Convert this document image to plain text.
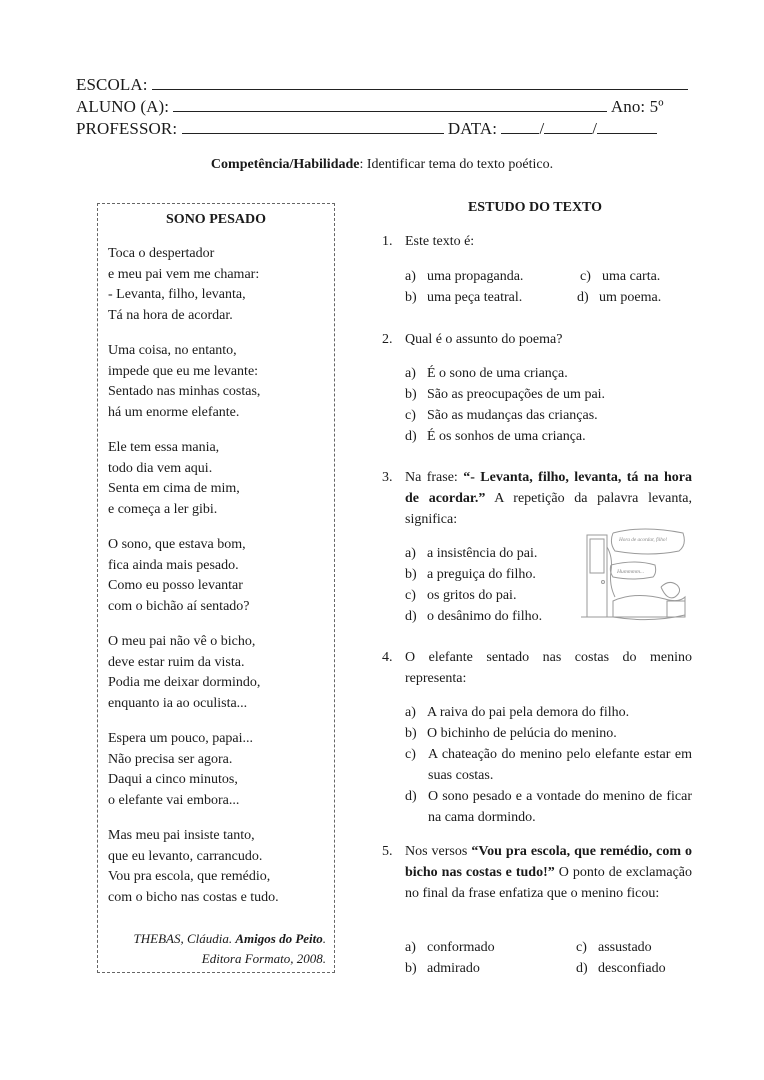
ESCOLA:
ALUNO (A):	Ano: 5º
PROFESSOR:	DATA: /	/
Competência/Habilidade: Identificar tema do texto poético.
SONO PESADO
Toca o despertador
e meu pai vem me chamar:
- Levanta, filho, levanta,
Tá na hora de acordar.
Uma coisa, no entanto,
impede que eu me levante:
Sentado nas minhas costas,
há um enorme elefante.
Ele tem essa mania,
todo dia vem aqui.
Senta em cima de mim,
e começa a ler gibi.
O sono, que estava bom,
fica ainda mais pesado.
Como eu posso levantar
com o bichão aí sentado?
O meu pai não vê o bicho,
deve estar ruim da vista.
Podia me deixar dormindo,
enquanto ia ao oculista...
Espera um pouco, papai...
Não precisa ser agora.
Daqui a cinco minutos,
o elefante vai embora...
Mas meu pai insiste tanto,
que eu levanto, carrancudo.
Vou pra escola, que remédio,
com o bicho nas costas e tudo.
THEBAS, Cláudia. Amigos do Peito.
Editora Formato, 2008.
ESTUDO DO TEXTO
1. Este texto é:
a) uma propaganda.
b) uma peça teatral.
c) uma carta.
d) um poema.
2. Qual é o assunto do poema?
a) É o sono de uma criança.
b) São as preocupações de um pai.
c) São as mudanças das crianças.
d) É os sonhos de uma criança.
3. Na frase: “- Levanta, filho, levanta, tá na hora de acordar.” A repetição da palavra levanta, significa:
a) a insistência do pai.
b) a preguiça do filho.
c) os gritos do pai.
d) o desânimo do filho.
Hora de acordar, filho!
Hummmm...
4. O elefante sentado nas costas do menino representa:
a) A raiva do pai pela demora do filho.
b) O bichinho de pelúcia do menino.
c) A chateação do menino pelo elefante estar em suas costas.
d) O sono pesado e a vontade do menino de ficar na cama dormindo.
5. Nos versos “Vou pra escola, que remédio, com o bicho nas costas e tudo!” O ponto de exclamação no final da frase enfatiza que o menino ficou:
a) conformado
b) admirado
c) assustado
d) desconfiado
